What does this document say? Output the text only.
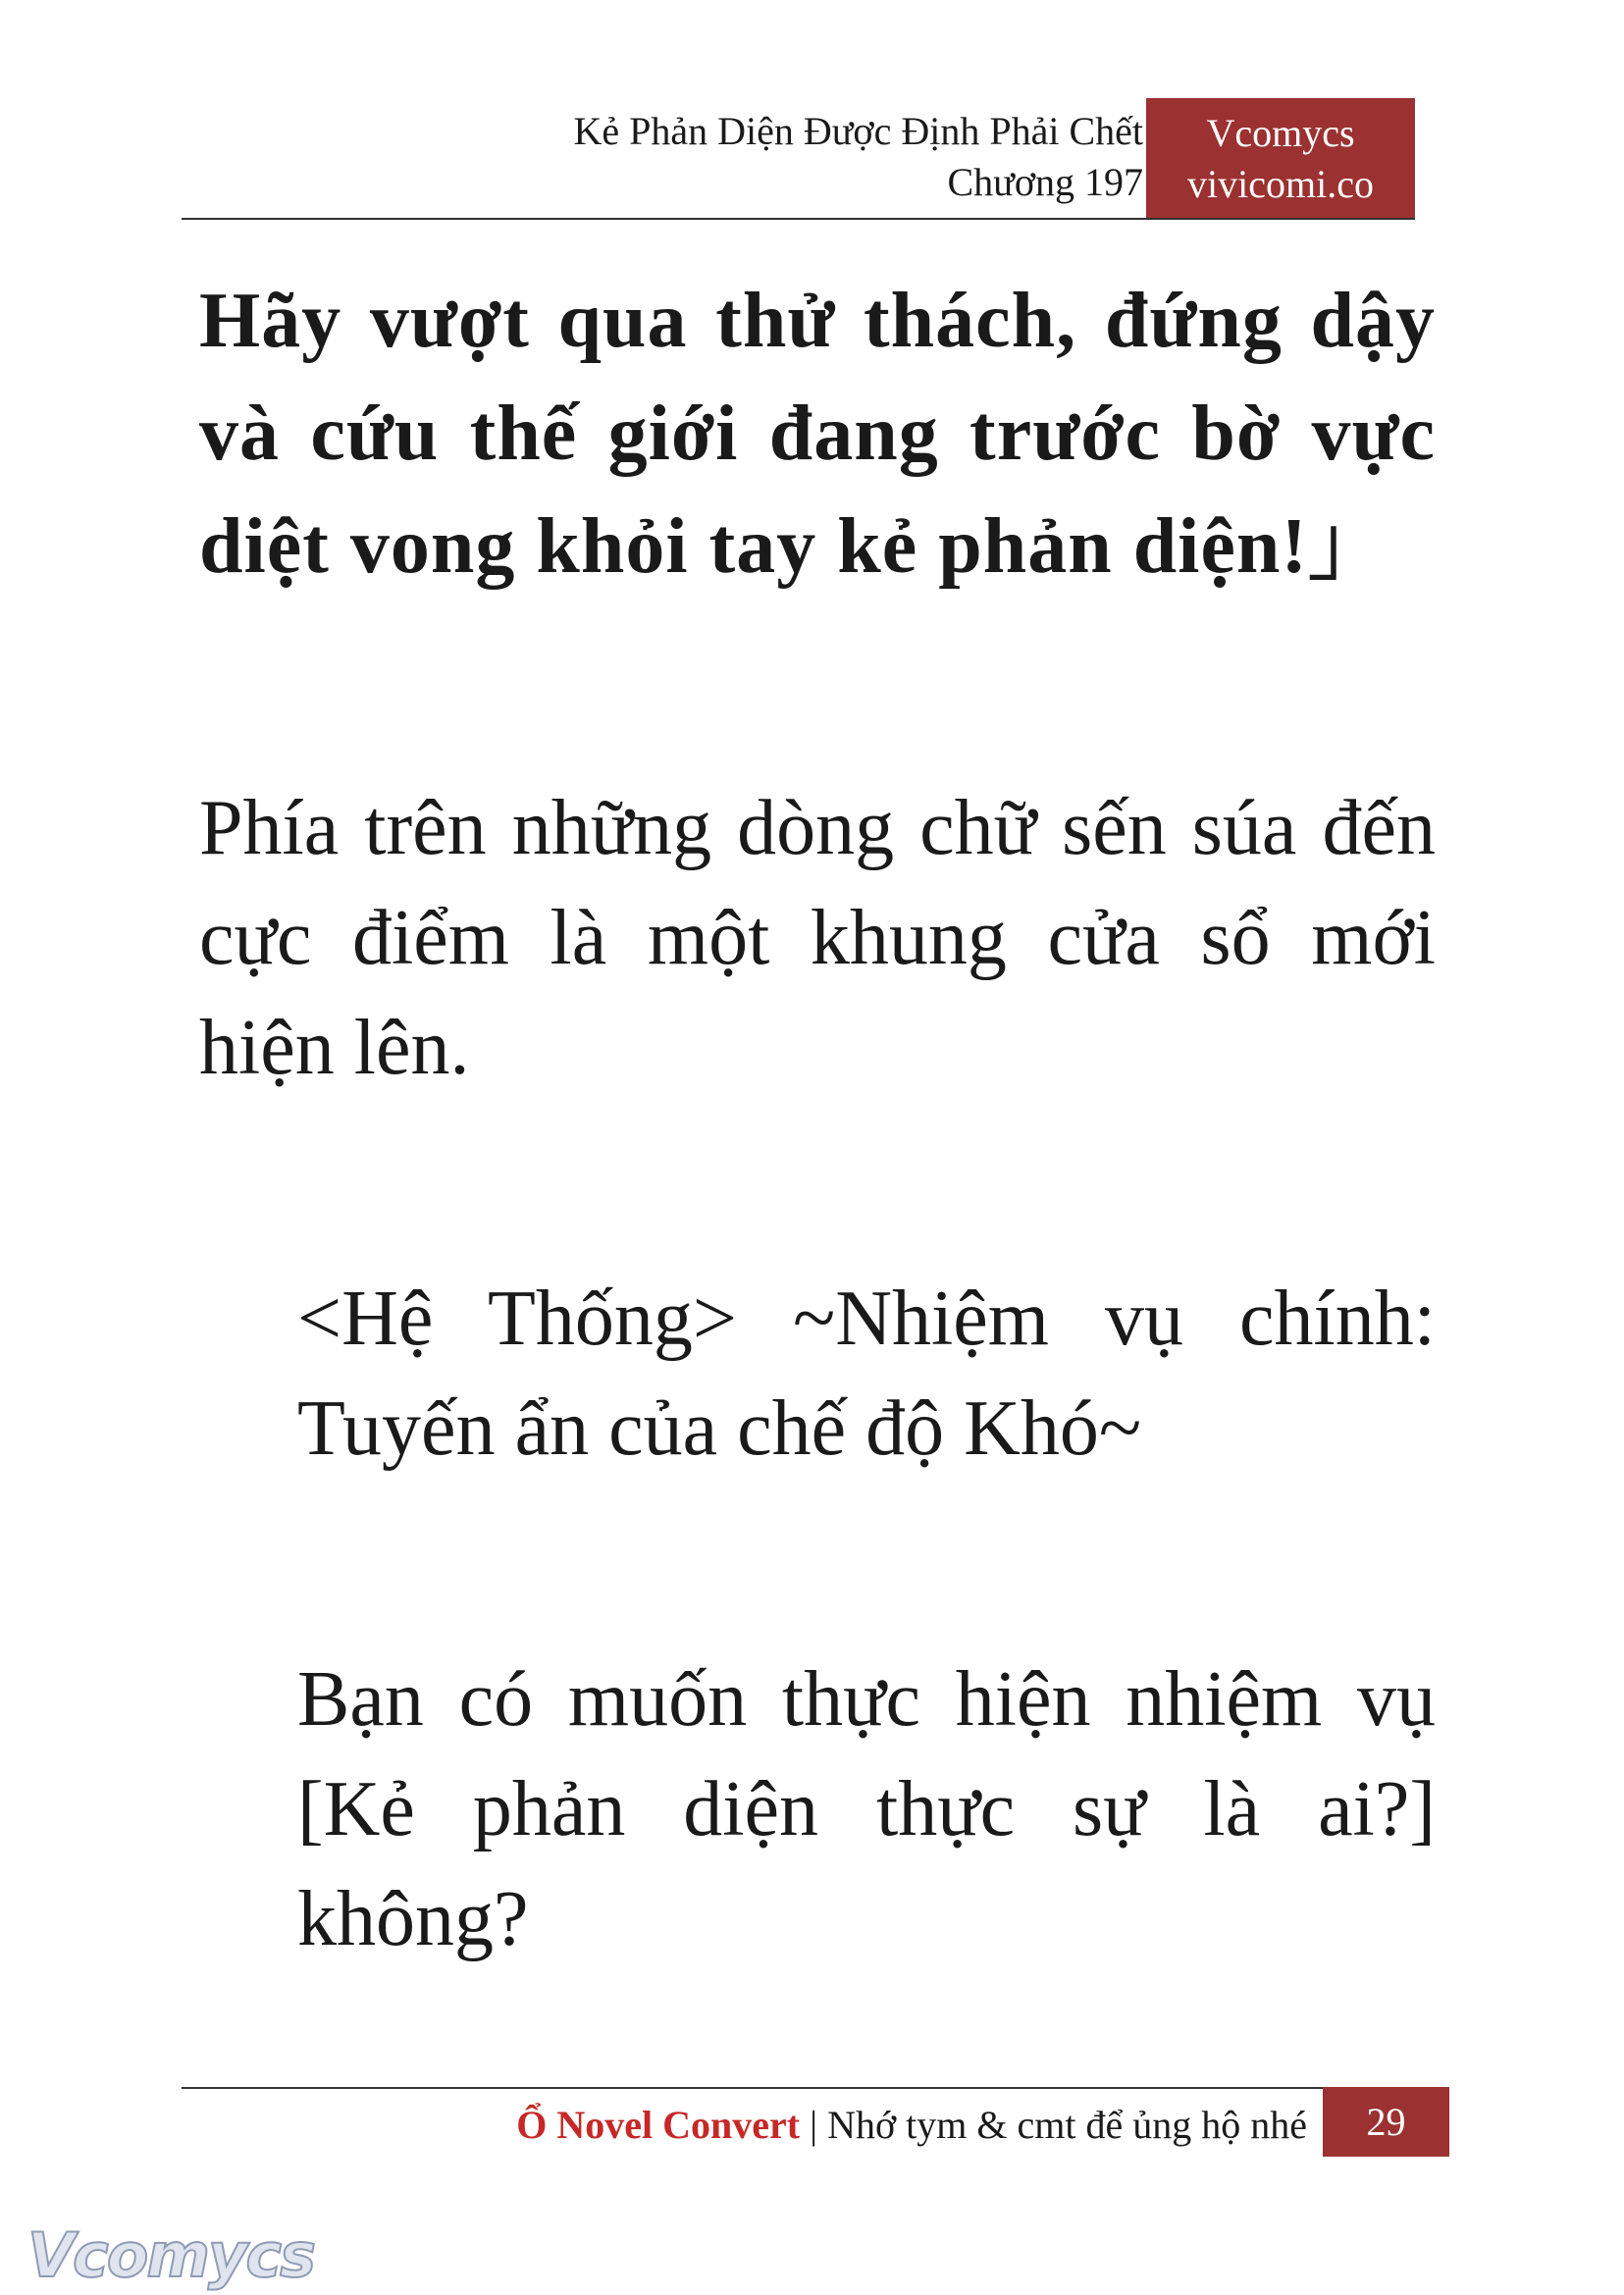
Kẻ Phản Diện Được Định Phải Chết
Chương 197
Vcomycs
vivicomi.co

Hãy vượt qua thử thách, đứng dậy và cứu thế giới đang trước bờ vực diệt vong khỏi tay kẻ phản diện!」

Phía trên những dòng chữ sến súa đến cực điểm là một khung cửa sổ mới hiện lên.

<Hệ Thống> ~Nhiệm vụ chính: Tuyến ẩn của chế độ Khó~

Bạn có muốn thực hiện nhiệm vụ [Kẻ phản diện thực sự là ai?] không?

Ổ Novel Convert | Nhớ tym & cmt để ủng hộ nhé	29
Vcomycs
